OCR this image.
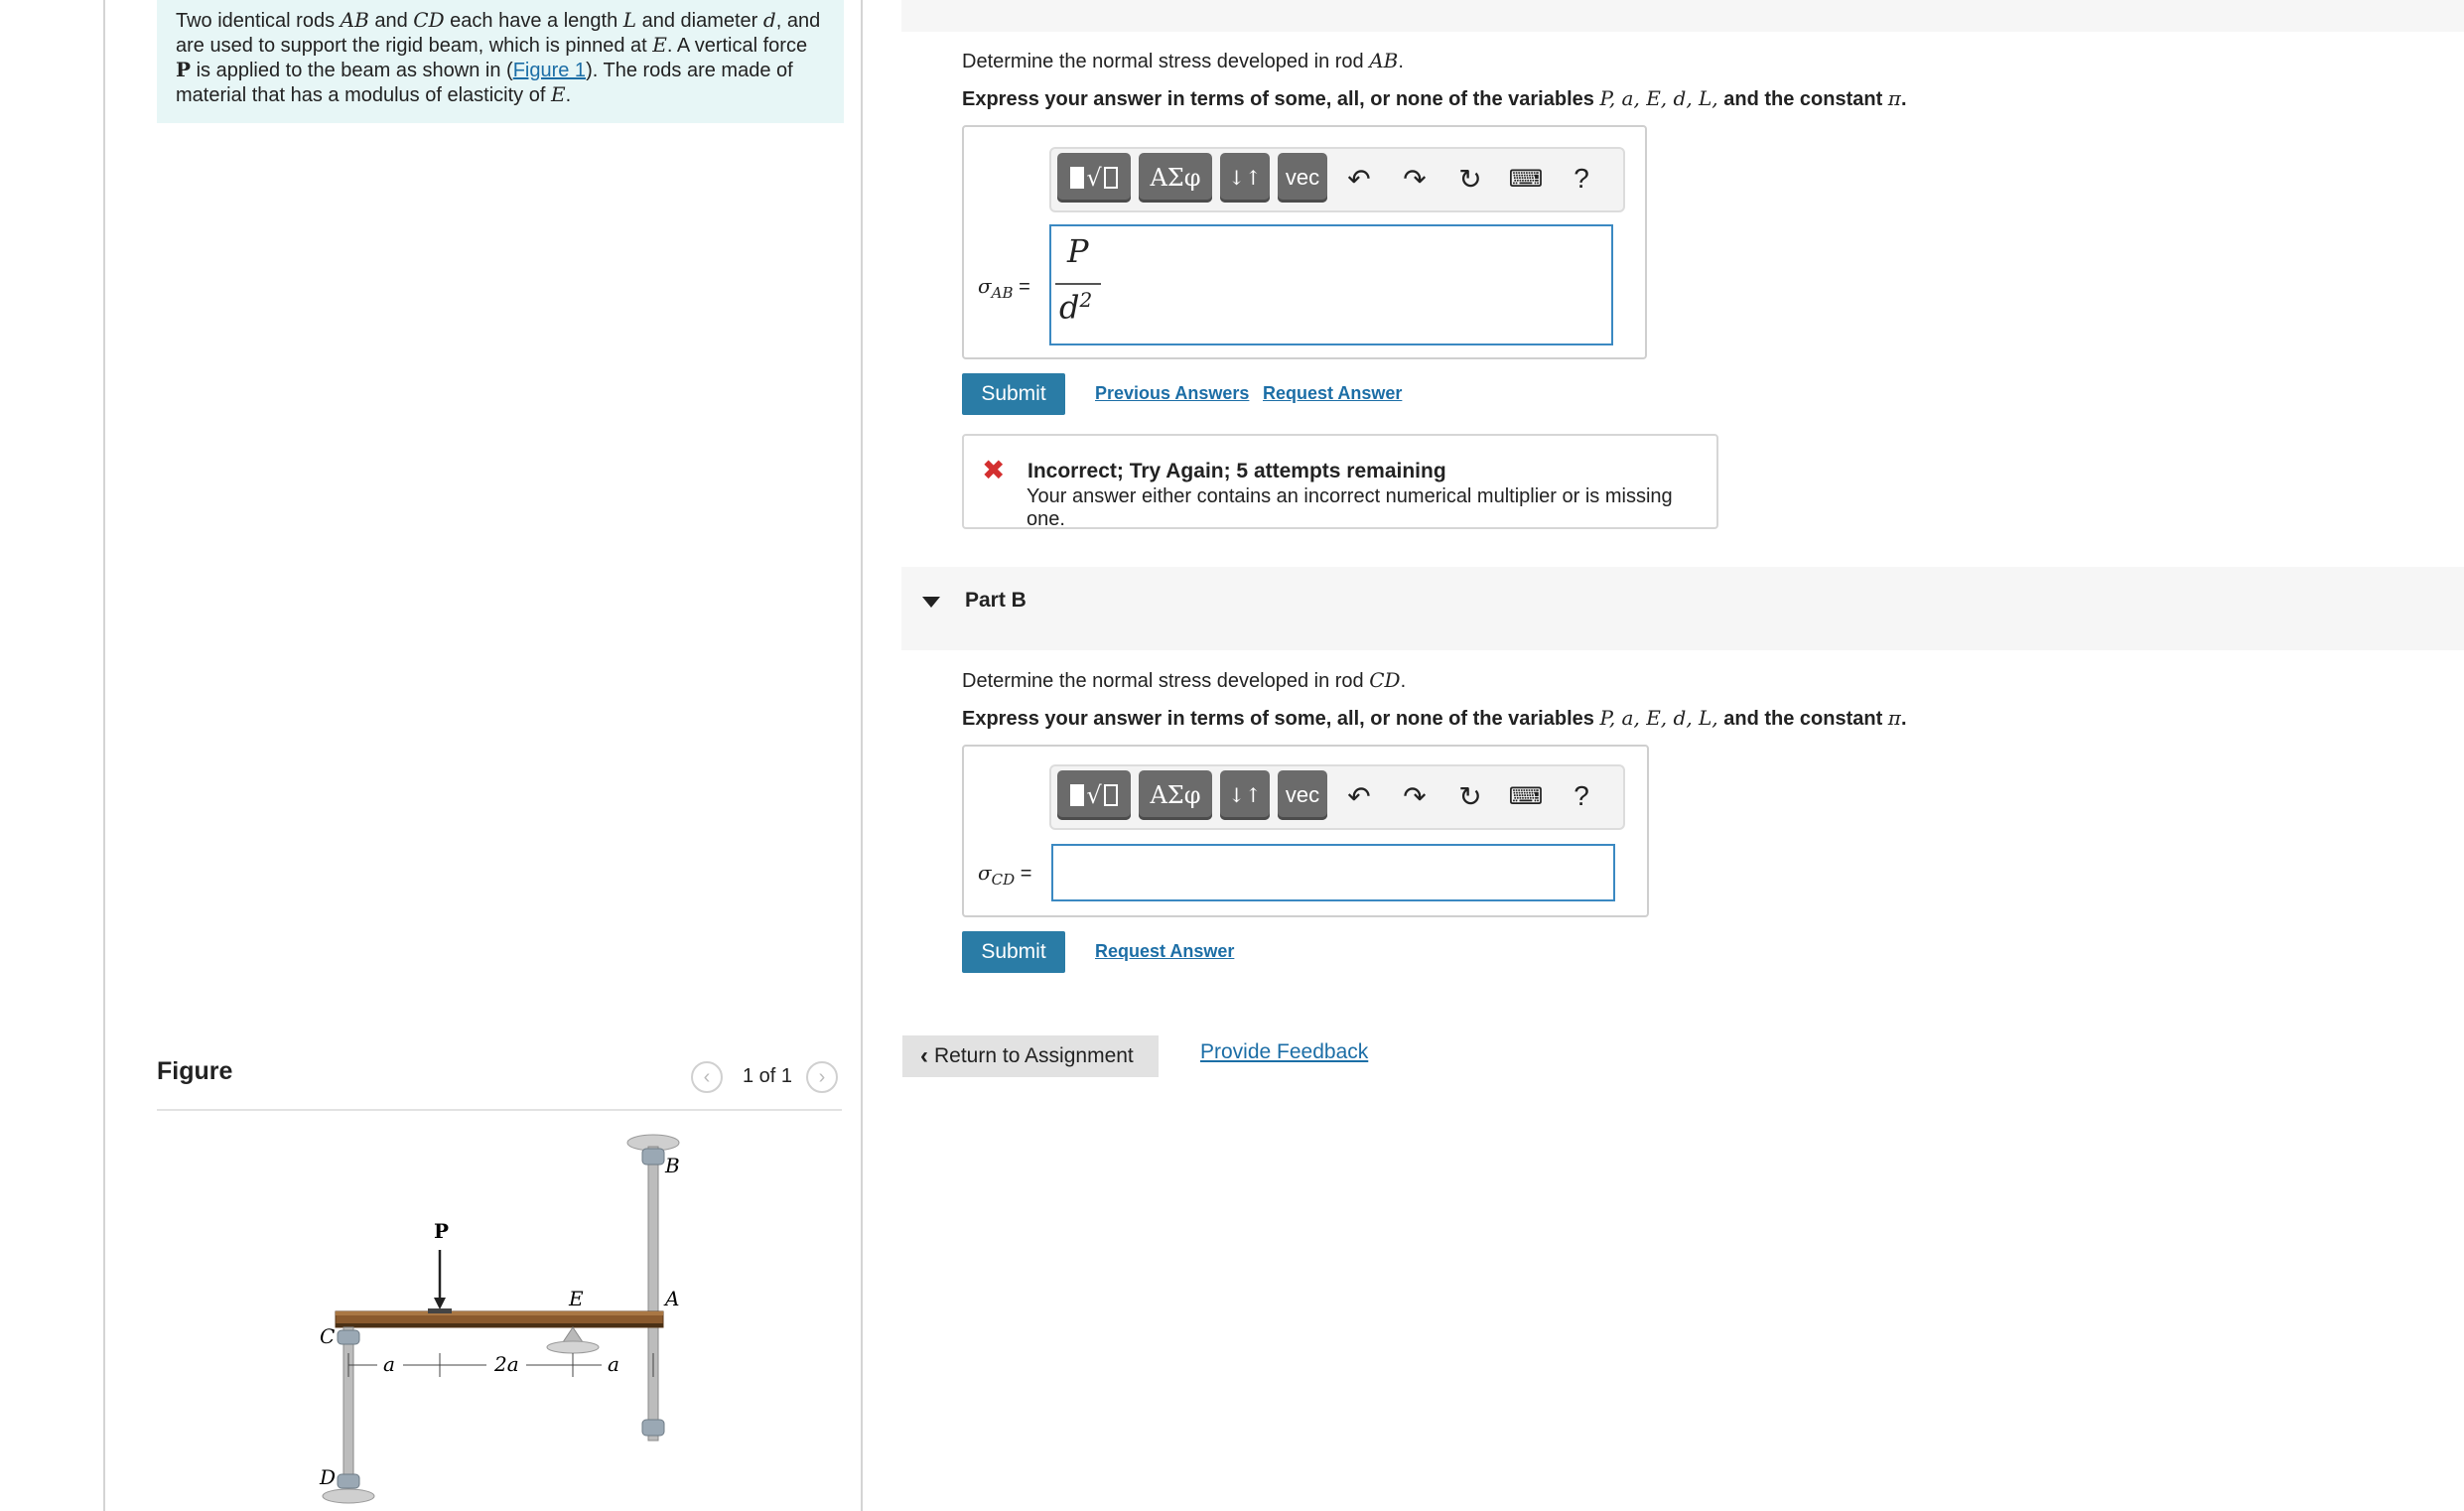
Two identical rods AB and CD each have a length L and diameter d, and are used to support the rigid beam, which is pinned at E. A vertical force P is applied to the beam as shown in (Figure 1). The rods are made of material that has a modulus of elasticity of E.
Figure	‹ 1 of 1 ›
P
B
A
E
C
D
a	2a	a
Determine the normal stress developed in rod AB.
Express your answer in terms of some, all, or none of the variables P, a, E, d, L, and the constant π.
√	ΑΣφ	↓↑	vec ↶ ↷ ↻	⌨	?
$\sigma_{AB}$ =
P
$d^2$
Submit	Previous Answers Request Answer
✖ Incorrect; Try Again; 5 attempts remaining
Your answer either contains an incorrect numerical multiplier or is missing one.
Part B
Determine the normal stress developed in rod CD.
Express your answer in terms of some, all, or none of the variables P, a, E, d, L, and the constant π.
√	ΑΣφ	↓↑	vec ↶ ↷ ↻	⌨	?
$\sigma_{CD}$ =
Submit	Request Answer
‹ Return to Assignment	Provide Feedback
